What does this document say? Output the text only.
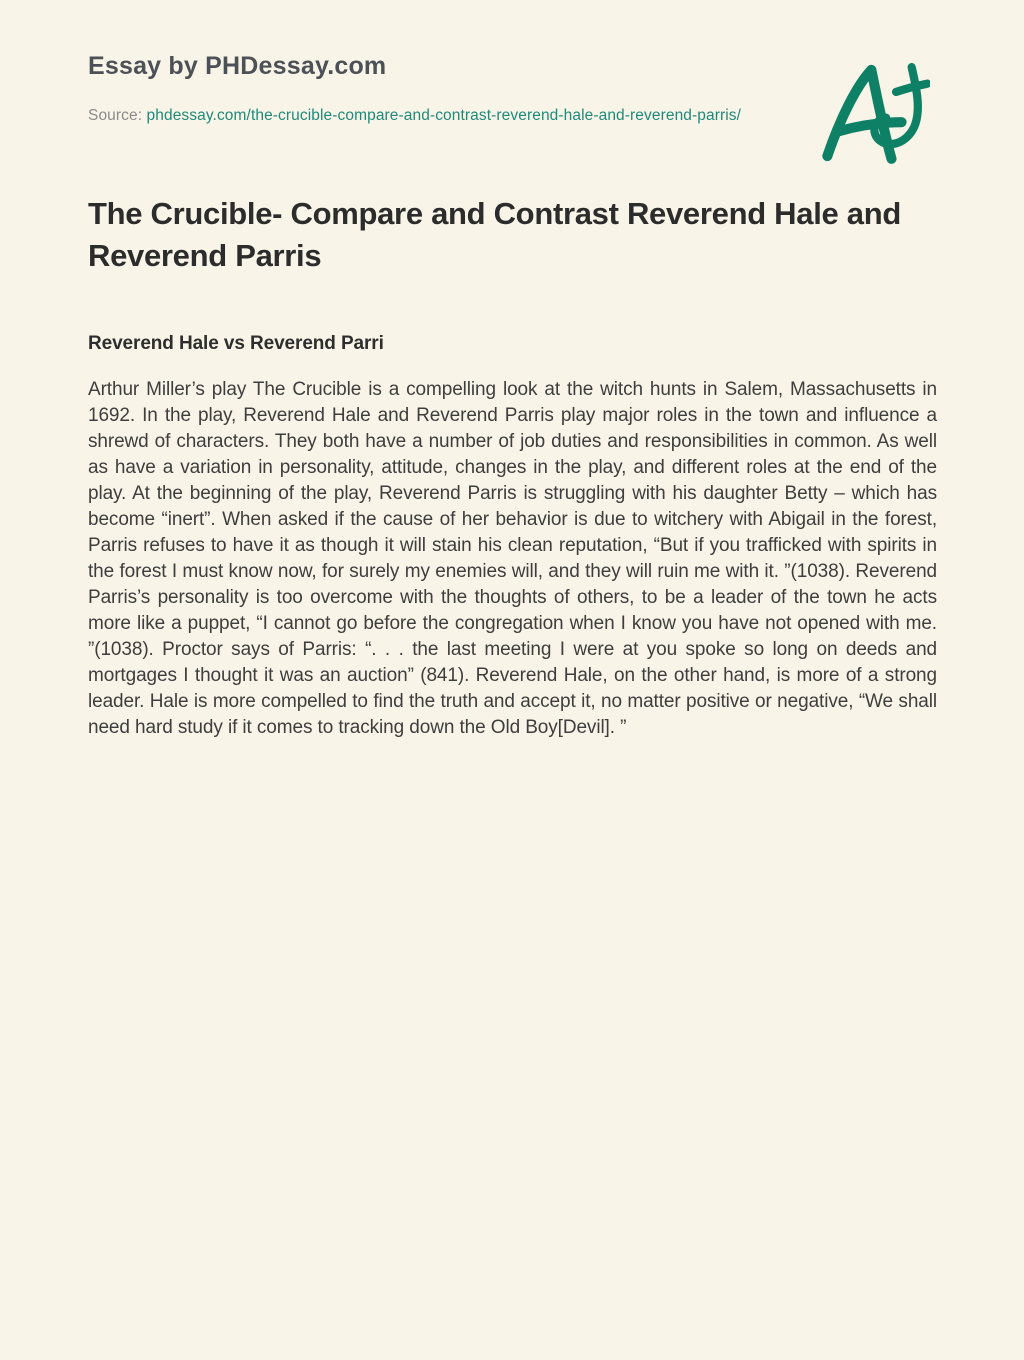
Essay by PHDessay.com

Source: phdessay.com/the-crucible-compare-and-contrast-reverend-hale-and-reverend-parris/

The Crucible- Compare and Contrast Reverend Hale and Reverend Parris
Reverend Hale vs Reverend Parri

Arthur Miller’s play The Crucible is a compelling look at the witch hunts in Salem, Massachusetts in 1692. In the play, Reverend Hale and Reverend Parris play major roles in the town and influence a shrewd of characters. They both have a number of job duties and responsibilities in common. As well as have a variation in personality, attitude, changes in the play, and different roles at the end of the play. At the beginning of the play, Reverend Parris is struggling with his daughter Betty – which has become “inert”. When asked if the cause of her behavior is due to witchery with Abigail in the forest, Parris refuses to have it as though it will stain his clean reputation, “But if you trafficked with spirits in the forest I must know now, for surely my enemies will, and they will ruin me with it. ”(1038). Reverend Parris’s personality is too overcome with the thoughts of others, to be a leader of the town he acts more like a puppet, “I cannot go before the congregation when I know you have not opened with me. ”(1038). Proctor says of Parris: “. . . the last meeting I were at you spoke so long on deeds and mortgages I thought it was an auction” (841). Reverend Hale, on the other hand, is more of a strong leader. Hale is more compelled to find the truth and accept it, no matter positive or negative, “We shall need hard study if it comes to tracking down the Old Boy[Devil]. ”
